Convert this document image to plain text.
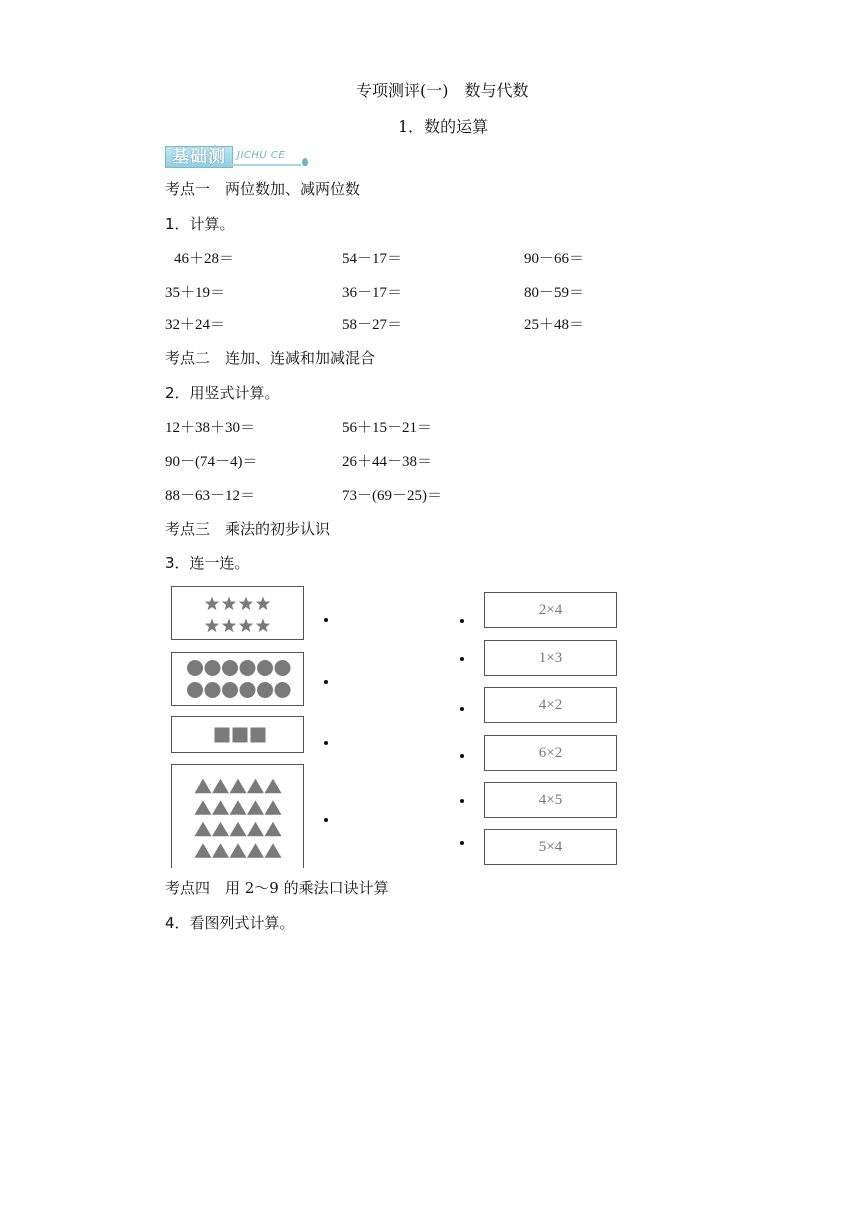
专项测评(一)　数与代数
1．数的运算
基础测	JICHU CE
考点一　两位数加、减两位数
1．计算。
46＋28＝	54－17＝	90－66＝
35＋19＝	36－17＝	80－59＝
32＋24＝	58－27＝	25＋48＝
考点二　连加、连减和加减混合
2．用竖式计算。
12＋38＋30＝	56＋15－21＝
90－(74－4)＝	26＋44－38＝
88－63－12＝	73－(69－25)＝
考点三　乘法的初步认识
3．连一连。
2×4
1×3
4×2
6×2
4×5
5×4
考点四　用 2～9 的乘法口诀计算
4．看图列式计算。
